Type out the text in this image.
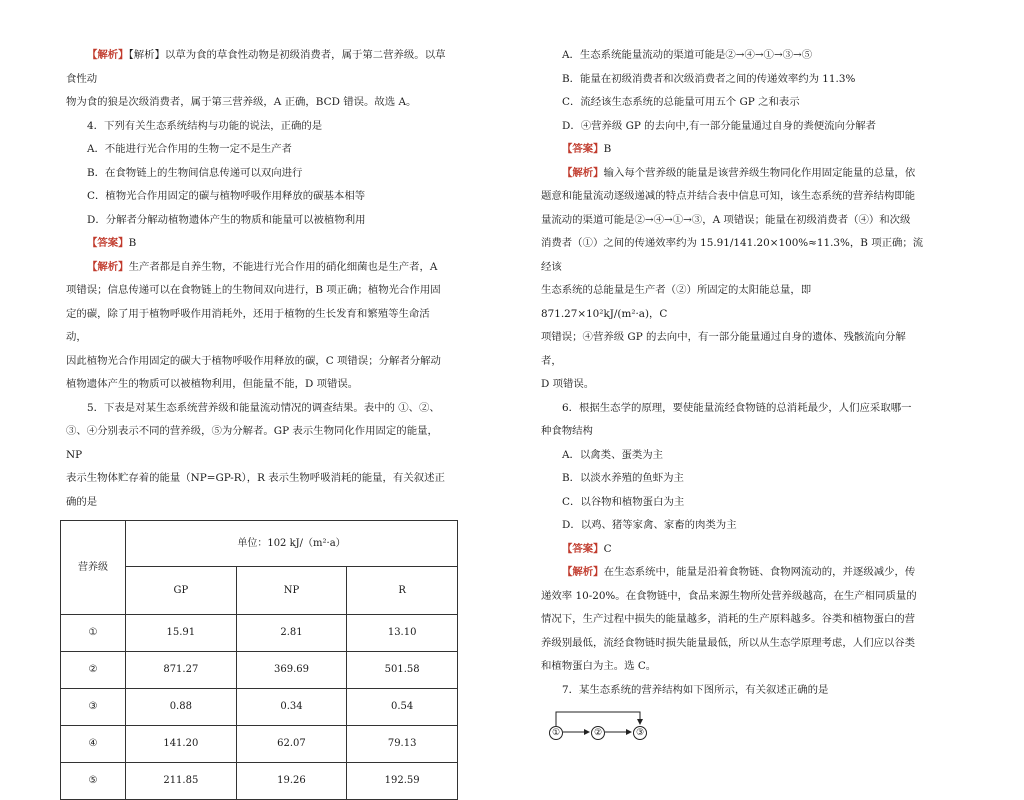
【解析】【解析】以草为食的草食性动物是初级消费者，属于第二营养级。以草食性动

物为食的狼是次级消费者，属于第三营养级，A 正确，BCD 错误。故选 A。

4．下列有关生态系统结构与功能的说法，正确的是

A．不能进行光合作用的生物一定不是生产者

B．在食物链上的生物间信息传递可以双向进行

C．植物光合作用固定的碳与植物呼吸作用释放的碳基本相等

D．分解者分解动植物遗体产生的物质和能量可以被植物利用

【答案】B

【解析】生产者都是自养生物，不能进行光合作用的硝化细菌也是生产者，A

项错误；信息传递可以在食物链上的生物间双向进行，B 项正确；植物光合作用固

定的碳，除了用于植物呼吸作用消耗外，还用于植物的生长发育和繁殖等生命活动，

因此植物光合作用固定的碳大于植物呼吸作用释放的碳，C 项错误；分解者分解动

植物遗体产生的物质可以被植物利用，但能量不能，D 项错误。

5．下表是对某生态系统营养级和能量流动情况的调查结果。表中的 ①、②、

③、④分别表示不同的营养级，⑤为分解者。GP 表示生物同化作用固定的能量，NP

表示生物体贮存着的能量（NP=GP-R），R 表示生物呼吸消耗的能量，有关叙述正

确的是

营养级	单位：102 kJ/（m²·a）		
	GP	NP	R
①	15.91	2.81	13.10
②	871.27	369.69	501.58
③	0.88	0.34	0.54
④	141.20	62.07	79.13
⑤	211.85	19.26	192.59

A．生态系统能量流动的渠道可能是②→④→①→③→⑤

B．能量在初级消费者和次级消费者之间的传递效率约为 11.3%

C．流经该生态系统的总能量可用五个 GP 之和表示

D．④营养级 GP 的去向中,有一部分能量通过自身的粪便流向分解者

【答案】B

【解析】输入每个营养级的能量是该营养级生物同化作用固定能量的总量，依

题意和能量流动逐级递减的特点并结合表中信息可知，该生态系统的营养结构即能

量流动的渠道可能是②→④→①→③，A 项错误；能量在初级消费者（④）和次级

消费者（①）之间的传递效率约为 15.91/141.20×100%≈11.3%，B 项正确；流经该

生态系统的总能量是生产者（②）所固定的太阳能总量，即 871.27×10²kJ/(m²·a)，C

项错误；④营养级 GP 的去向中，有一部分能量通过自身的遗体、残骸流向分解者，

D 项错误。

6．根据生态学的原理，要使能量流经食物链的总消耗最少，人们应采取哪一

种食物结构

A．以禽类、蛋类为主

B．以淡水养殖的鱼虾为主

C．以谷物和植物蛋白为主

D．以鸡、猪等家禽、家畜的肉类为主

【答案】C

【解析】在生态系统中，能量是沿着食物链、食物网流动的，并逐级减少，传

递效率 10-20%。在食物链中，食品来源生物所处营养级越高，在生产相同质量的

情况下，生产过程中损失的能量越多，消耗的生产原料越多。谷类和植物蛋白的营

养级别最低，流经食物链时损失能量最低，所以从生态学原理考虑，人们应以谷类

和植物蛋白为主。选 C。

7．某生态系统的营养结构如下图所示，有关叙述正确的是

①	②	③
